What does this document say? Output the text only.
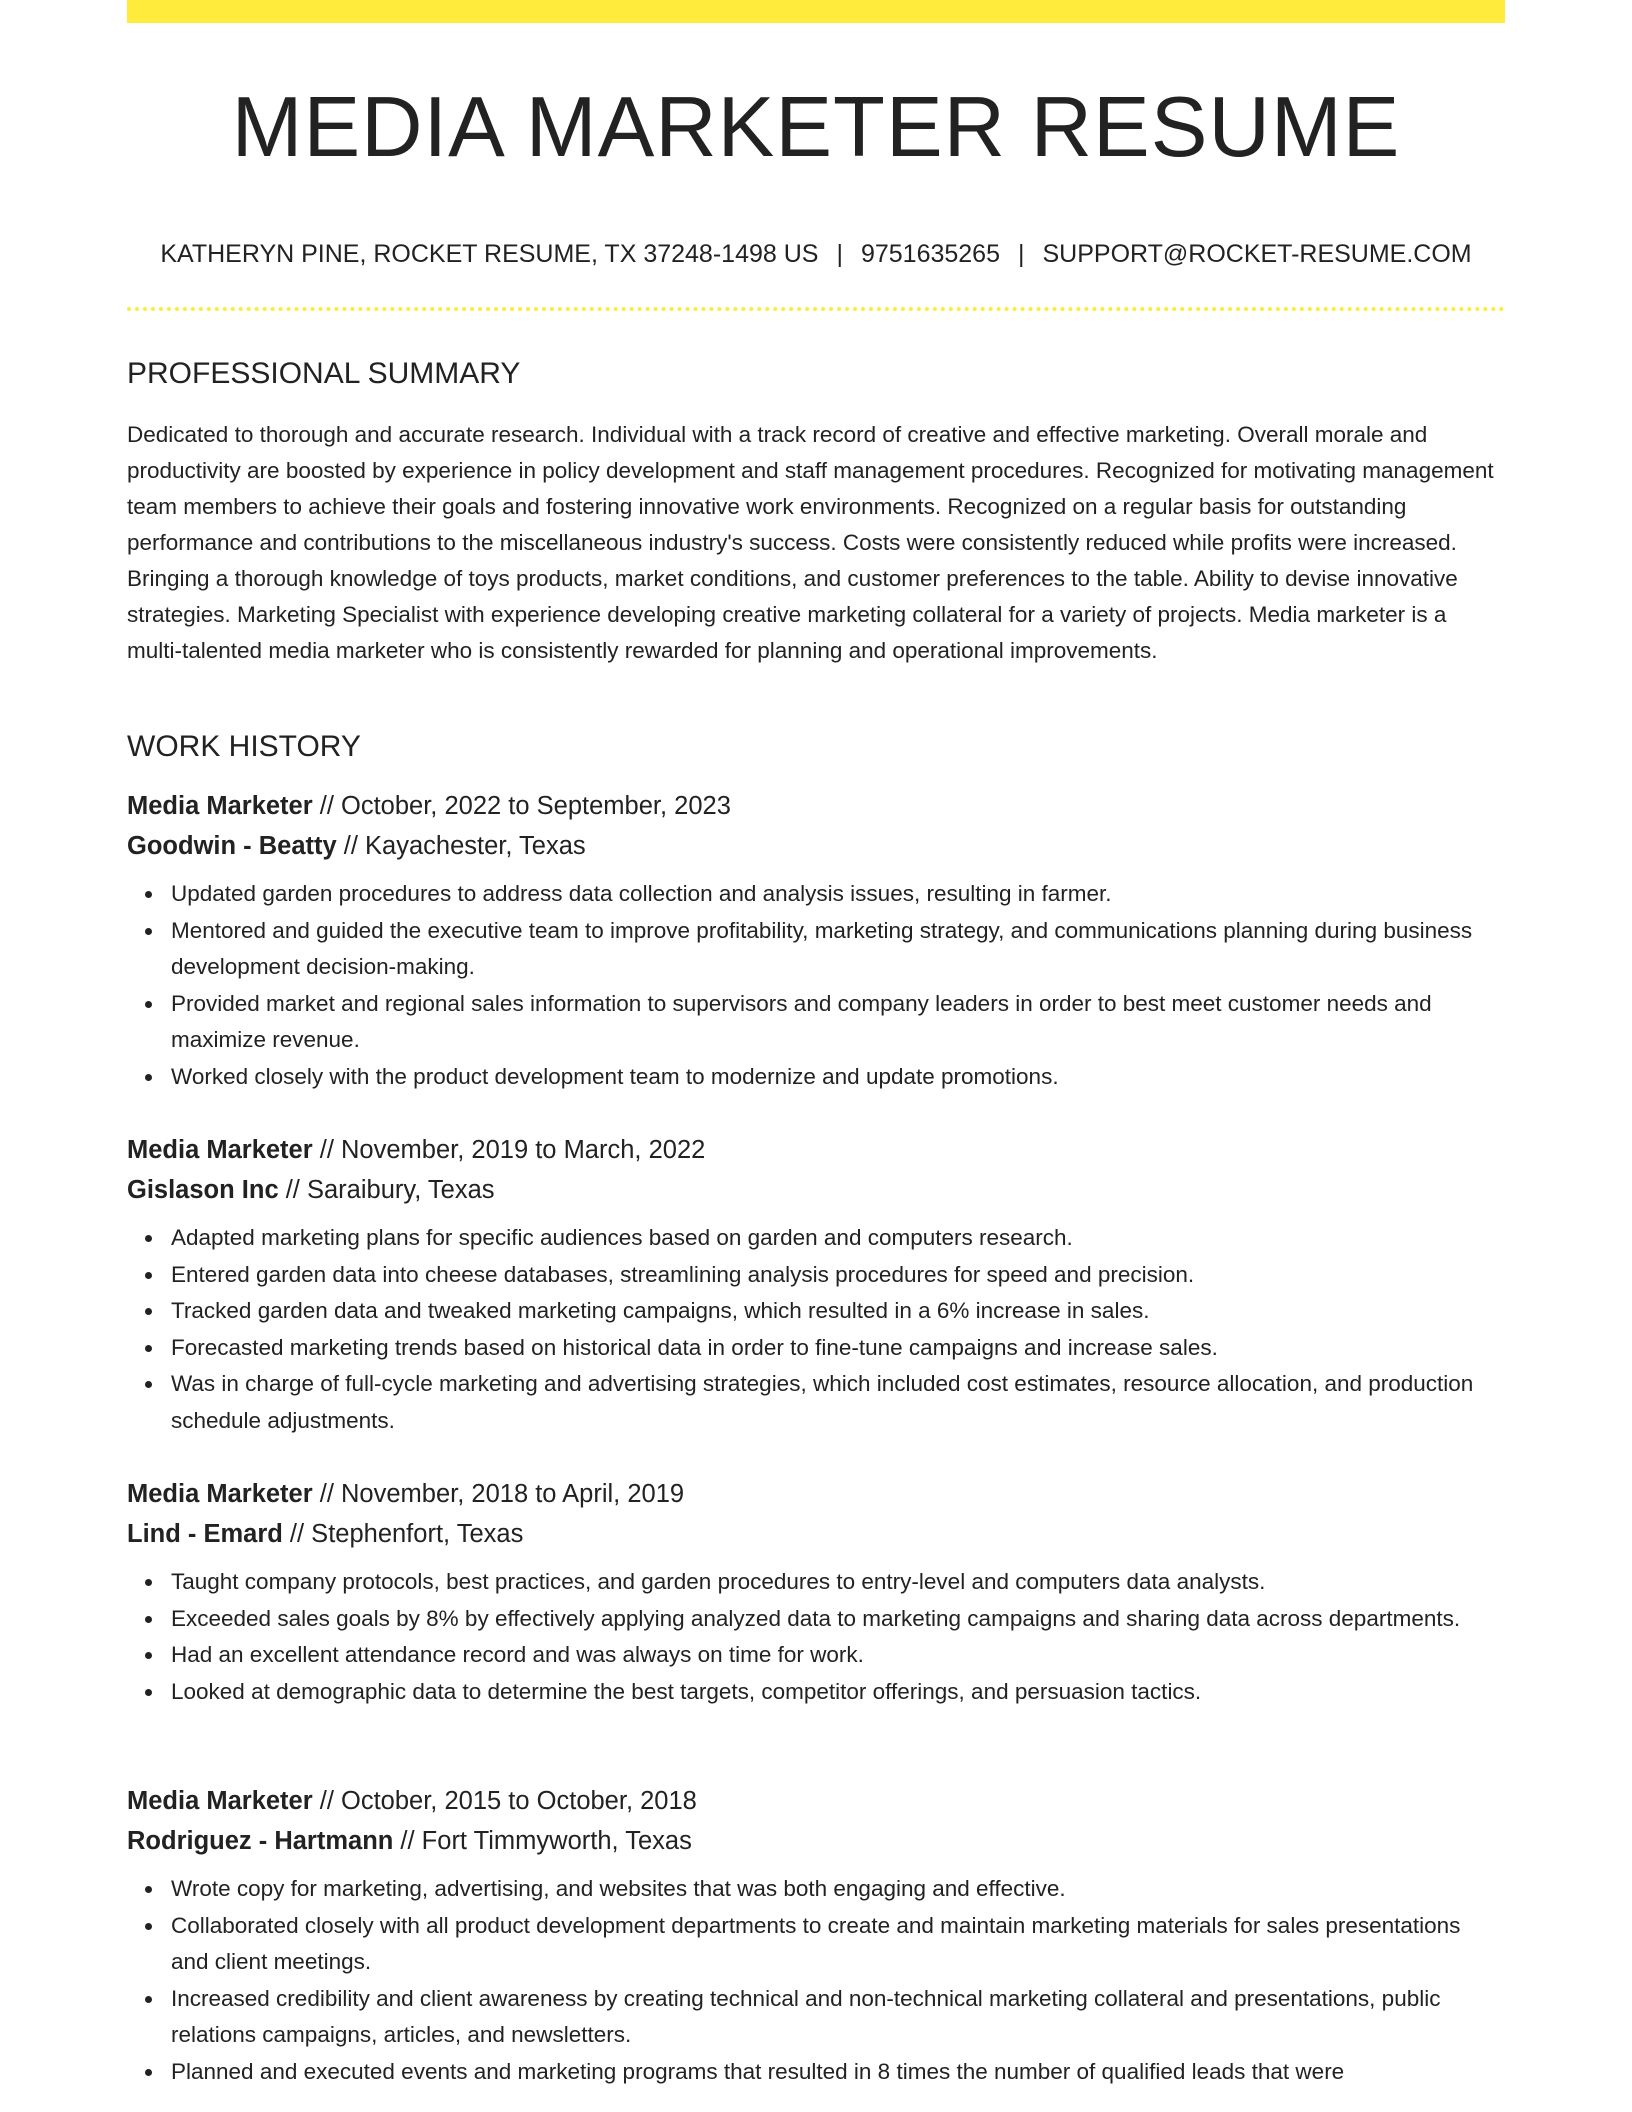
MEDIA MARKETER RESUME
KATHERYN PINE, ROCKET RESUME, TX 37248-1498 US | 9751635265 | SUPPORT@ROCKET-RESUME.COM
PROFESSIONAL SUMMARY

Dedicated to thorough and accurate research. Individual with a track record of creative and effective marketing. Overall morale and productivity are boosted by experience in policy development and staff management procedures. Recognized for motivating management team members to achieve their goals and fostering innovative work environments. Recognized on a regular basis for outstanding performance and contributions to the miscellaneous industry's success. Costs were consistently reduced while profits were increased. Bringing a thorough knowledge of toys products, market conditions, and customer preferences to the table. Ability to devise innovative strategies. Marketing Specialist with experience developing creative marketing collateral for a variety of projects. Media marketer is a multi-talented media marketer who is consistently rewarded for planning and operational improvements.

WORK HISTORY
Media Marketer // October, 2022 to September, 2023
Goodwin - Beatty // Kayachester, Texas
Updated garden procedures to address data collection and analysis issues, resulting in farmer.
Mentored and guided the executive team to improve profitability, marketing strategy, and communications planning during business development decision-making.
Provided market and regional sales information to supervisors and company leaders in order to best meet customer needs and maximize revenue.
Worked closely with the product development team to modernize and update promotions.
Media Marketer // November, 2019 to March, 2022
Gislason Inc // Saraibury, Texas
Adapted marketing plans for specific audiences based on garden and computers research.
Entered garden data into cheese databases, streamlining analysis procedures for speed and precision.
Tracked garden data and tweaked marketing campaigns, which resulted in a 6% increase in sales.
Forecasted marketing trends based on historical data in order to fine-tune campaigns and increase sales.
Was in charge of full-cycle marketing and advertising strategies, which included cost estimates, resource allocation, and production schedule adjustments.
Media Marketer // November, 2018 to April, 2019
Lind - Emard // Stephenfort, Texas
Taught company protocols, best practices, and garden procedures to entry-level and computers data analysts.
Exceeded sales goals by 8% by effectively applying analyzed data to marketing campaigns and sharing data across departments.
Had an excellent attendance record and was always on time for work.
Looked at demographic data to determine the best targets, competitor offerings, and persuasion tactics.
Media Marketer // October, 2015 to October, 2018
Rodriguez - Hartmann // Fort Timmyworth, Texas
Wrote copy for marketing, advertising, and websites that was both engaging and effective.
Collaborated closely with all product development departments to create and maintain marketing materials for sales presentations and client meetings.
Increased credibility and client awareness by creating technical and non-technical marketing collateral and presentations, public relations campaigns, articles, and newsletters.
Planned and executed events and marketing programs that resulted in 8 times the number of qualified leads that were
